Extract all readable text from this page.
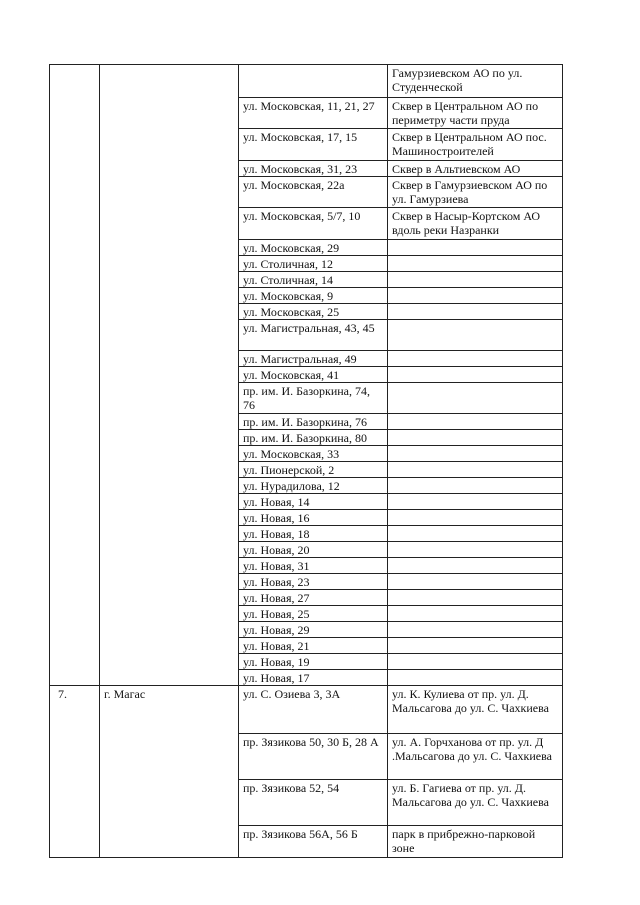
			Гамурзиевском АО по ул. Студенческой
		ул. Московская, 11, 21, 27	Сквер в Центральном АО по периметру части пруда
		ул. Московская, 17, 15	Сквер в Центральном АО пос. Машиностроителей
		ул. Московская, 31, 23	Сквер в Альтиевском АО
		ул. Московская, 22а	Сквер в Гамурзиевском АО по ул. Гамурзиева
		ул. Московская, 5/7, 10	Сквер в Насыр-Кортском АО вдоль реки Назранки
		ул. Московская, 29	
		ул. Столичная, 12	
		ул. Столичная, 14	
		ул. Московская, 9	
		ул. Московская, 25	
		ул. Магистральная, 43, 45	
		ул. Магистральная, 49	
		ул. Московская, 41	
		пр. им. И. Базоркина, 74, 76	
		пр. им. И. Базоркина, 76	
		пр. им. И. Базоркина, 80	
		ул. Московская, 33	
		ул. Пионерской, 2	
		ул. Нурадилова, 12	
		ул. Новая, 14	
		ул. Новая, 16	
		ул. Новая, 18	
		ул. Новая, 20	
		ул. Новая, 31	
		ул. Новая, 23	
		ул. Новая, 27	
		ул. Новая, 25	
		ул. Новая, 29	
		ул. Новая, 21	
		ул. Новая, 19	
		ул. Новая, 17	
7.	г. Магас	ул. С. Озиева 3, 3А	ул. К. Кулиева от пр. ул. Д. Мальсагова до ул. С. Чахкиева
		пр. Зязикова 50, 30 Б, 28 А	ул. А. Горчханова от пр. ул. Д .Мальсагова до ул. С. Чахкиева
		пр. Зязикова 52, 54	ул. Б. Гагиева от пр. ул. Д. Мальсагова до ул. С. Чахкиева
		пр. Зязикова 56А, 56 Б	парк в прибрежно-парковой зоне
